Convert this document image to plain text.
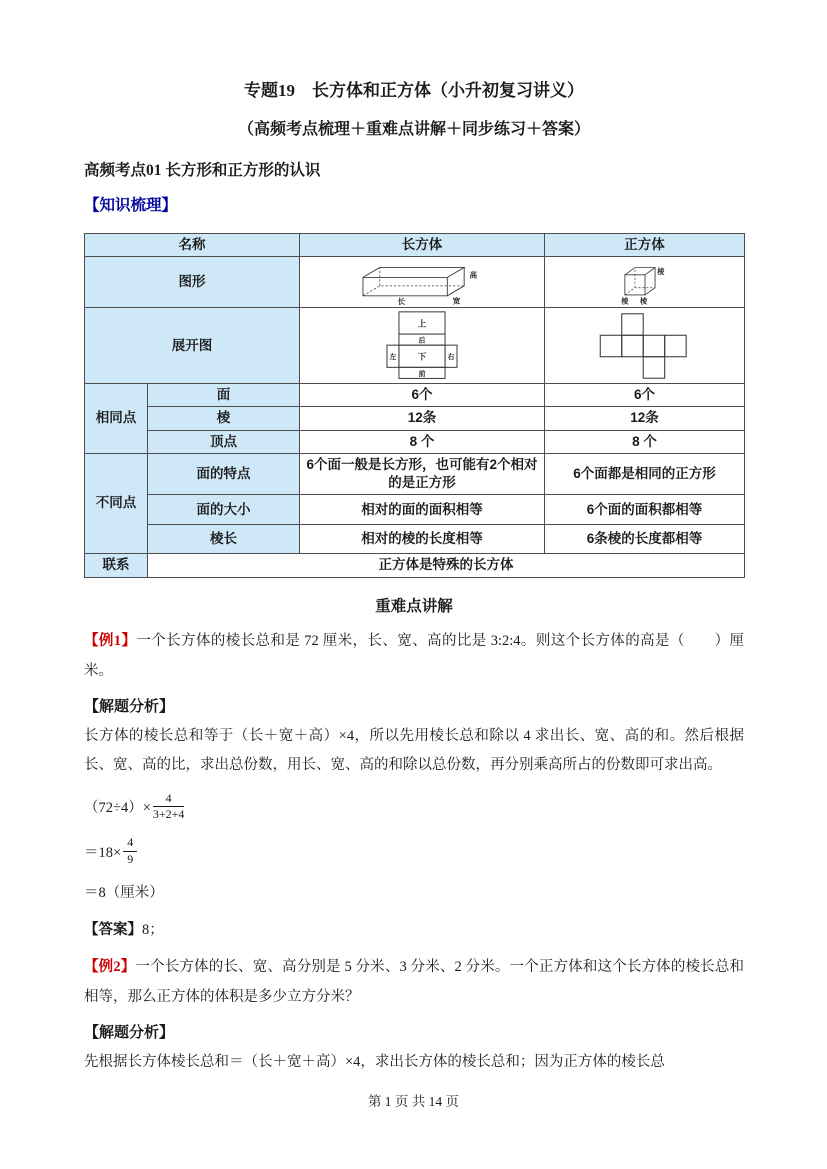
专题19　长方体和正方体（小升初复习讲义）
（高频考点梳理＋重难点讲解＋同步练习＋答案）
高频考点01 长方形和正方形的认识
【知识梳理】
名称		长方体	正方体
图形		长 宽
高	棱
棱 棱

展开图	
上
后
左 下	右
前

相同点	面	6个	6个
	棱	12条	12条
	顶点	8 个	8 个
不同点	面的特点	6个面一般是长方形，也可能有2个相对的是正方形	6个面都是相同的正方形
	面的大小	相对的面的面积相等	6个面的面积都相等
	棱长	相对的棱的长度相等	6条棱的长度都相等
联系	正方体是特殊的长方体		
重难点讲解
【例1】一个长方体的棱长总和是 72 厘米，长、宽、高的比是 3:2:4。则这个长方体的高是（　　）厘米。
【解题分析】
长方体的棱长总和等于（长＋宽＋高）×4，所以先用棱长总和除以 4 求出长、宽、高的和。然后根据长、宽、高的比，求出总份数，用长、宽、高的和除以总份数，再分别乘高所占的份数即可求出高。
$(72\div 4)\times \frac{4}{3+2+4}$
$=18\times \frac{4}{9}$
＝8（厘米）
【答案】8；
【例2】一个长方体的长、宽、高分别是 5 分米、3 分米、2 分米。一个正方体和这个长方体的棱长总和相等，那么正方体的体积是多少立方分米？
【解题分析】
先根据长方体棱长总和＝（长＋宽＋高）×4，求出长方体的棱长总和；因为正方体的棱长总
第 1 页 共 14 页
